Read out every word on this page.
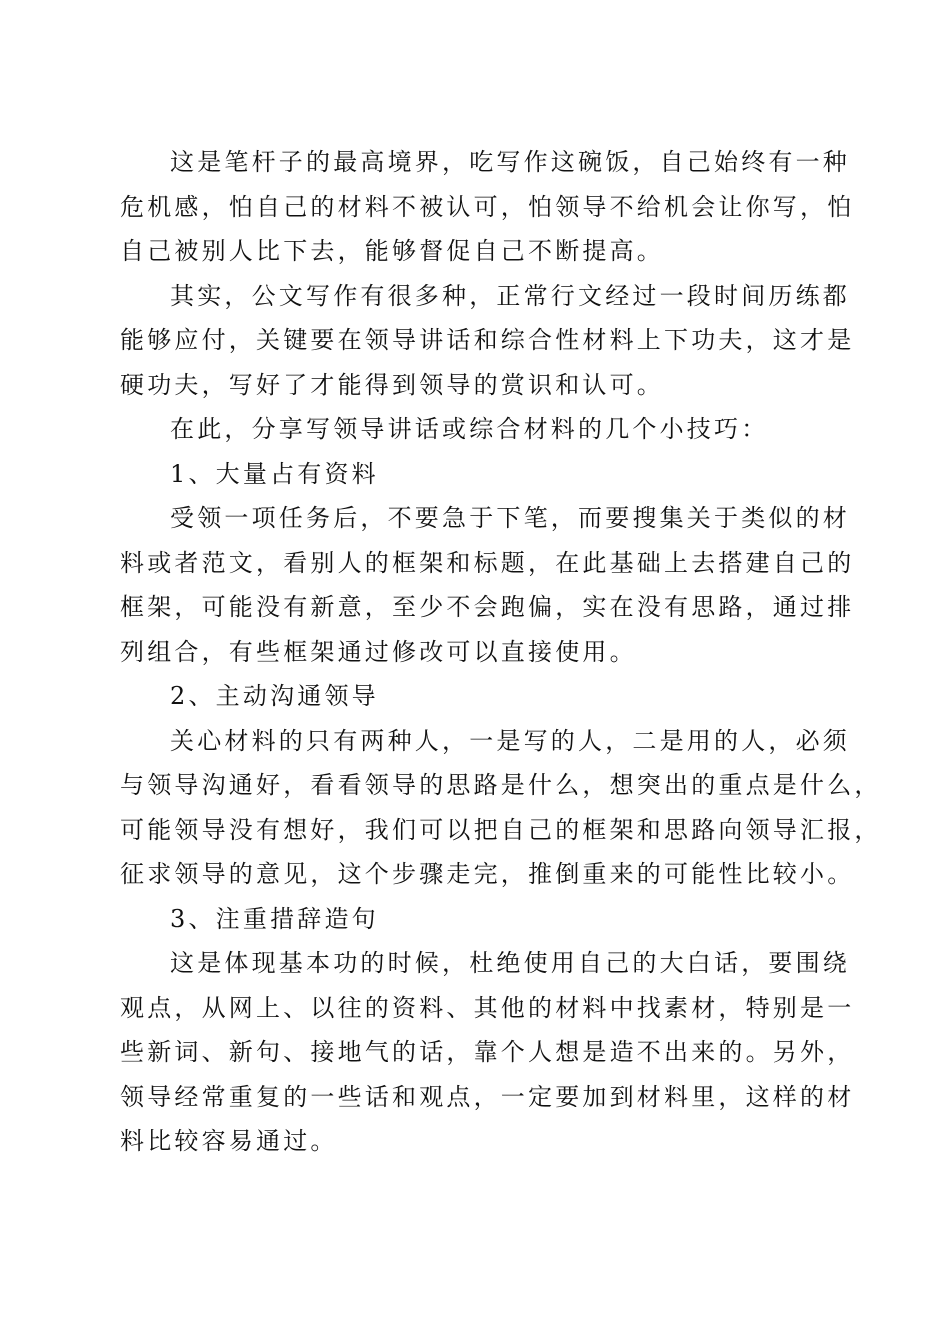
这是笔杆子的最高境界，吃写作这碗饭，自己始终有一种
危机感，怕自己的材料不被认可，怕领导不给机会让你写，怕
自己被别人比下去，能够督促自己不断提高。
其实，公文写作有很多种，正常行文经过一段时间历练都
能够应付，关键要在领导讲话和综合性材料上下功夫，这才是
硬功夫，写好了才能得到领导的赏识和认可。
在此，分享写领导讲话或综合材料的几个小技巧：
1、大量占有资料
受领一项任务后，不要急于下笔，而要搜集关于类似的材
料或者范文，看别人的框架和标题，在此基础上去搭建自己的
框架，可能没有新意，至少不会跑偏，实在没有思路，通过排
列组合，有些框架通过修改可以直接使用。
2、主动沟通领导
关心材料的只有两种人，一是写的人，二是用的人，必须
与领导沟通好，看看领导的思路是什么，想突出的重点是什么，
可能领导没有想好，我们可以把自己的框架和思路向领导汇报，
征求领导的意见，这个步骤走完，推倒重来的可能性比较小。
3、注重措辞造句
这是体现基本功的时候，杜绝使用自己的大白话，要围绕
观点，从网上、以往的资料、其他的材料中找素材，特别是一
些新词、新句、接地气的话，靠个人想是造不出来的。另外，
领导经常重复的一些话和观点，一定要加到材料里，这样的材
料比较容易通过。
